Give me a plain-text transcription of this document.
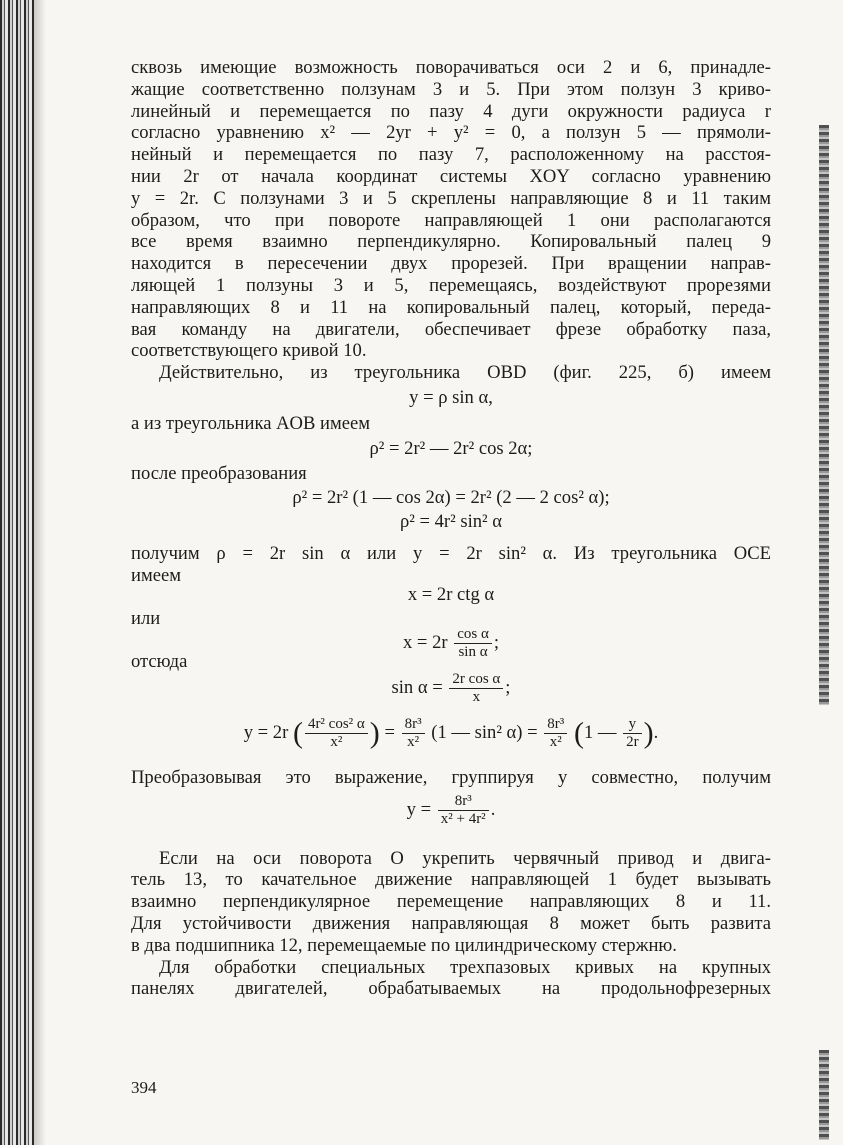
сквозь имеющие возможность поворачиваться оси 2 и 6, принадле-

жащие соответственно ползунам 3 и 5. При этом ползун 3 криво-

линейный и перемещается по пазу 4 дуги окружности радиуса r

согласно уравнению x² — 2yr + y² = 0, а ползун 5 — прямоли-

нейный и перемещается по пазу 7, расположенному на расстоя-

нии 2r от начала координат системы XOY согласно уравнению

y = 2r. С ползунами 3 и 5 скреплены направляющие 8 и 11 таким

образом, что при повороте направляющей 1 они располагаются

все время взаимно перпендикулярно. Копировальный палец 9

находится в пересечении двух прорезей. При вращении направ-

ляющей 1 ползуны 3 и 5, перемещаясь, воздействуют прорезями

направляющих 8 и 11 на копировальный палец, который, переда-

вая команду на двигатели, обеспечивает фрезе обработку паза,

соответствующего кривой 10.

Действительно, из треугольника OBD (фиг. 225, б) имеем

y = ρ sin α,

а из треугольника AOB имеем

ρ² = 2r² — 2r² cos 2α;

после преобразования

ρ² = 2r² (1 — cos 2α) = 2r² (2 — 2 cos² α);

ρ² = 4r² sin² α

получим ρ = 2r sin α или y = 2r sin² α. Из треугольника OCE

имеем

x = 2r ctg α

или

$x = 2r \frac{\text{cos α}}{\text{sin α}}$ ;

отсюда

$\sin \alpha = \frac{\text{2r cos α}}{x}$ ;

y = 2r ( $\frac{\text{4r² cos² α}}{\text{x²}}$ ) = $\frac{\text{8r³}}{\text{x²}} (1$ — sin² $\alpha) = \frac{\text{8r³}}{\text{x²}} (1$ — $\frac{y}{2r}$ ).

Преобразовывая это выражение, группируя y совместно, получим

$y = \frac{\text{8r³}}{\text{x² + 4r²}}$ .

Если на оси поворота O укрепить червячный привод и двига-

тель 13, то качательное движение направляющей 1 будет вызывать

взаимно перпендикулярное перемещение направляющих 8 и 11.

Для устойчивости движения направляющая 8 может быть развита

в два подшипника 12, перемещаемые по цилиндрическому стержню.

Для обработки специальных трехпазовых кривых на крупных

панелях двигателей, обрабатываемых на продольнофрезерных

394
